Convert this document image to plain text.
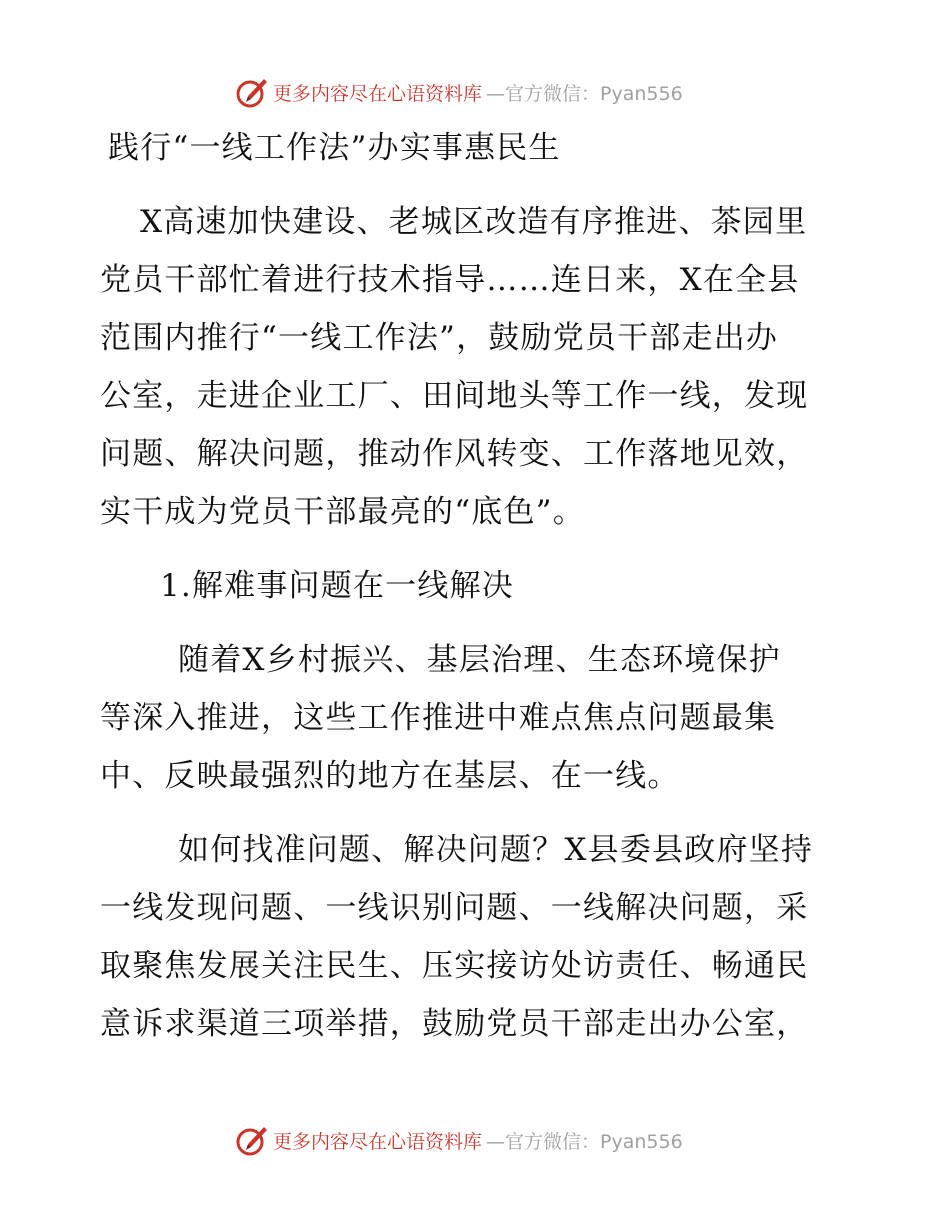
更多内容尽在心语资料库 —官方微信：Pyan556
践行“一线工作法”办实事惠民生
X高速加快建设、老城区改造有序推进、茶园里
党员干部忙着进行技术指导……连日来，X在全县
范围内推行“一线工作法”，鼓励党员干部走出办
公室，走进企业工厂、田间地头等工作一线，发现
问题、解决问题，推动作风转变、工作落地见效，
实干成为党员干部最亮的“底色”。
1.解难事问题在一线解决
随着X乡村振兴、基层治理、生态环境保护
等深入推进，这些工作推进中难点焦点问题最集
中、反映最强烈的地方在基层、在一线。
如何找准问题、解决问题？X县委县政府坚持
一线发现问题、一线识别问题、一线解决问题，采
取聚焦发展关注民生、压实接访处访责任、畅通民
意诉求渠道三项举措，鼓励党员干部走出办公室，
更多内容尽在心语资料库 —官方微信：Pyan556
